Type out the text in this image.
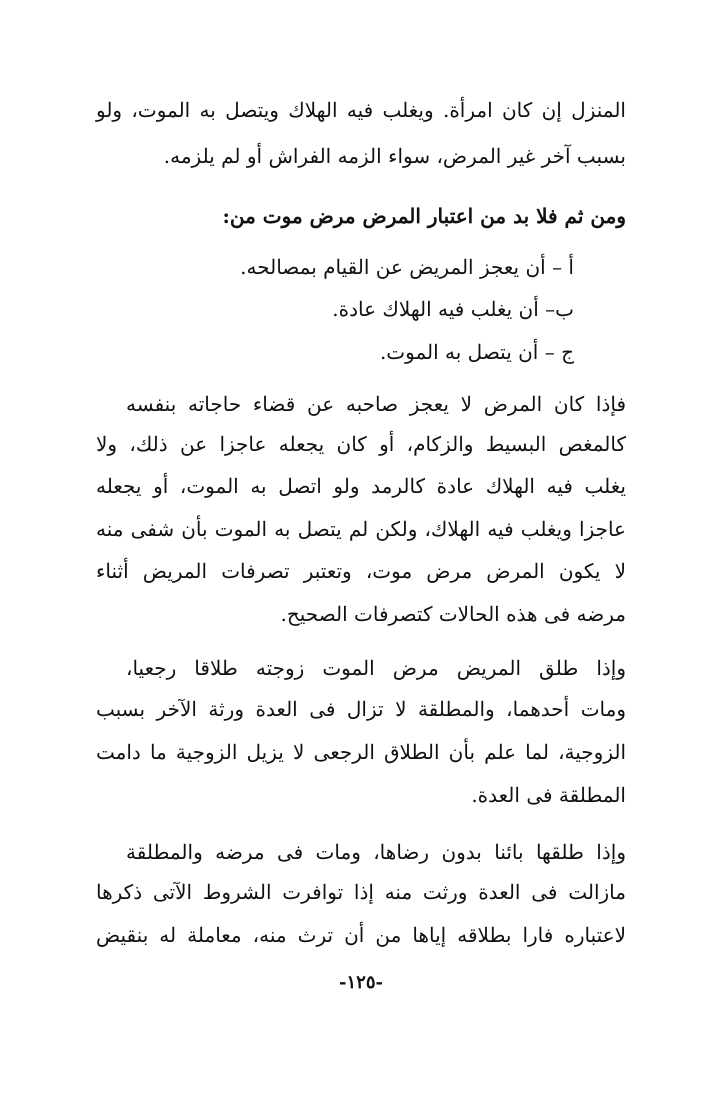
المنزل إن كان امرأة. ويغلب فيه الهلاك ويتصل به الموت، ولو
بسبب آخر غير المرض، سواء الزمه الفراش أو لم يلزمه.
ومن ثم فلا بد من اعتبار المرض مرض موت من:
أ – أن يعجز المريض عن القيام بمصالحه.
ب– أن يغلب فيه الهلاك عادة.
ج – أن يتصل به الموت.
فإذا كان المرض لا يعجز صاحبه عن قضاء حاجاته بنفسه
كالمغص البسيط والزكام، أو كان يجعله عاجزا عن ذلك، ولا
يغلب فيه الهلاك عادة كالرمد ولو اتصل به الموت، أو يجعله
عاجزا ويغلب فيه الهلاك، ولكن لم يتصل به الموت بأن شفى منه
لا يكون المرض مرض موت، وتعتبر تصرفات المريض أثناء
مرضه فى هذه الحالات كتصرفات الصحيح.
وإذا طلق المريض مرض الموت زوجته طلاقا رجعيا،
ومات أحدهما، والمطلقة لا تزال فى العدة ورثة الآخر بسبب
الزوجية، لما علم بأن الطلاق الرجعى لا يزيل الزوجية ما دامت
المطلقة فى العدة.
وإذا طلقها بائنا بدون رضاها، ومات فى مرضه والمطلقة
مازالت فى العدة ورثت منه إذا توافرت الشروط الآتى ذكرها
لاعتباره فارا بطلاقه إياها من أن ترث منه، معاملة له بنقيض
-١٢٥-
